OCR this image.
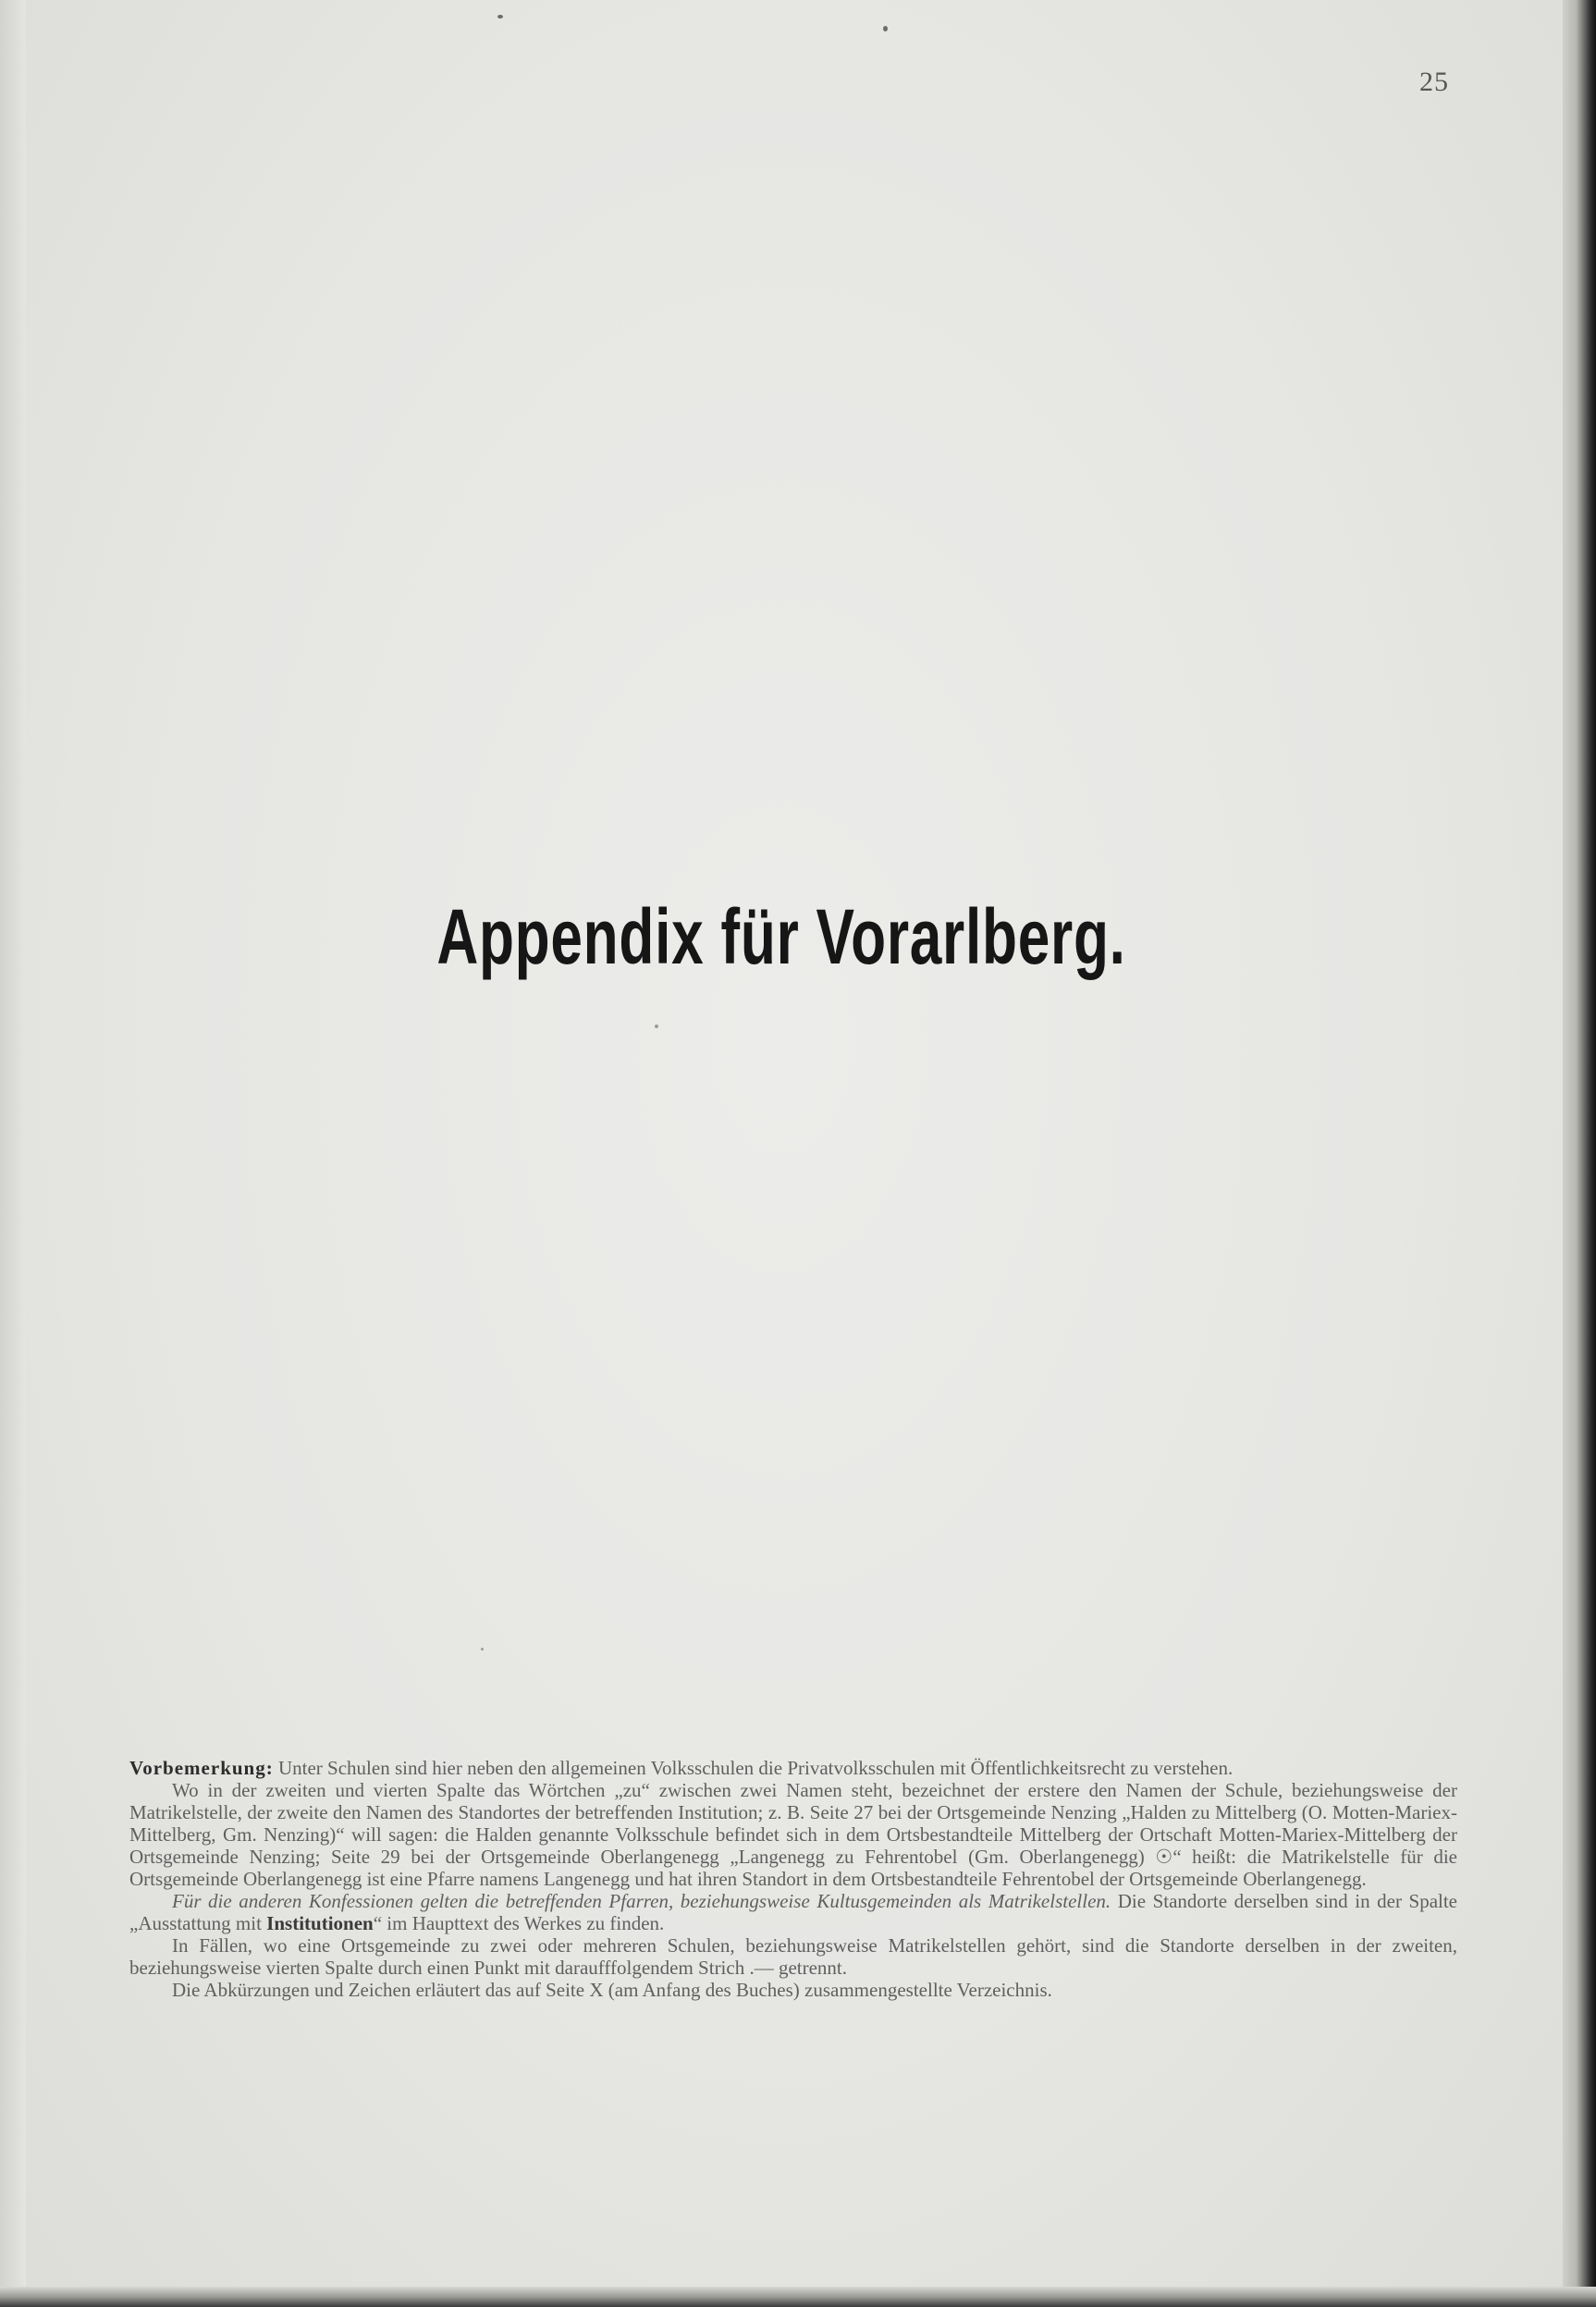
25
Appendix für Vorarlberg.

Vorbemerkung: Unter Schulen sind hier neben den allgemeinen Volksschulen die Privatvolksschulen mit Öffentlichkeitsrecht zu verstehen.

Wo in der zweiten und vierten Spalte das Wörtchen „zu“ zwischen zwei Namen steht, bezeichnet der erstere den Namen der Schule, beziehungsweise der Matrikelstelle, der zweite den Namen des Standortes der betreffenden Institution; z. B. Seite 27 bei der Ortsgemeinde Nenzing „Halden zu Mittelberg (O. Motten-Mariex-Mittelberg, Gm. Nenzing)“ will sagen: die Halden genannte Volksschule befindet sich in dem Ortsbestandteile Mittelberg der Ortschaft Motten-Mariex-Mittelberg der Ortsgemeinde Nenzing; Seite 29 bei der Ortsgemeinde Oberlangenegg „Langenegg zu Fehrentobel (Gm. Oberlangenegg) ☉“ heißt: die Matrikelstelle für die Ortsgemeinde Oberlangenegg ist eine Pfarre namens Langenegg und hat ihren Standort in dem Ortsbestandteile Fehrentobel der Ortsgemeinde Oberlangenegg.

Für die anderen Konfessionen gelten die betreffenden Pfarren, beziehungsweise Kultusgemeinden als Matrikelstellen. Die Standorte derselben sind in der Spalte „Ausstattung mit Institutionen“ im Haupttext des Werkes zu finden.

In Fällen, wo eine Ortsgemeinde zu zwei oder mehreren Schulen, beziehungsweise Matrikelstellen gehört, sind die Standorte derselben in der zweiten, beziehungsweise vierten Spalte durch einen Punkt mit daraufffolgendem Strich .— getrennt.

Die Abkürzungen und Zeichen erläutert das auf Seite X (am Anfang des Buches) zusammengestellte Verzeichnis.
